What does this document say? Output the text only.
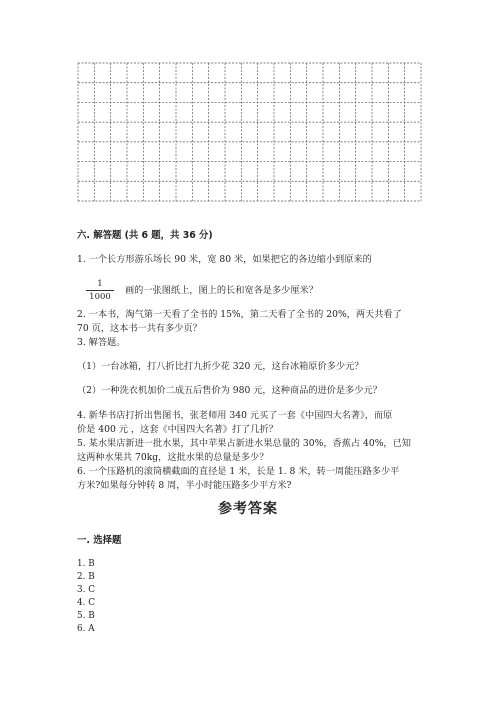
六. 解答题 (共 6 题，共 36 分)
1. 一个长方形游乐场长 90 米，宽 80 米，如果把它的各边缩小到原来的
$\frac{1}{1000}$ 画的一张图纸上，图上的长和宽各是多少厘米？
2. 一本书，淘气第一天看了全书的 15%，第二天看了全书的 20%，两天共看了
70 页，这本书一共有多少页？
3. 解答题。
（1）一台冰箱，打八折比打九折少花 320 元，这台冰箱原价多少元？
（2）一种洗衣机加价二成五后售价为 980 元，这种商品的进价是多少元？
4. 新华书店打折出售图书，张老师用 340 元买了一套《中国四大名著》，而原
价是 400 元 ，这套《中国四大名著》打了几折？
5. 某水果店新进一批水果，其中苹果占新进水果总量的 30%，香蕉占 40%，已知
这两种水果共 70kg，这批水果的总量是多少？
6. 一个压路机的滚筒横截面的直径是 1 米，长是 1. 8 米，转一周能压路多少平
方米?如果每分钟转 8 周，半小时能压路多少平方米?
参考答案
一. 选择题
1. B
2. B
3. C
4. C
5. B
6. A
